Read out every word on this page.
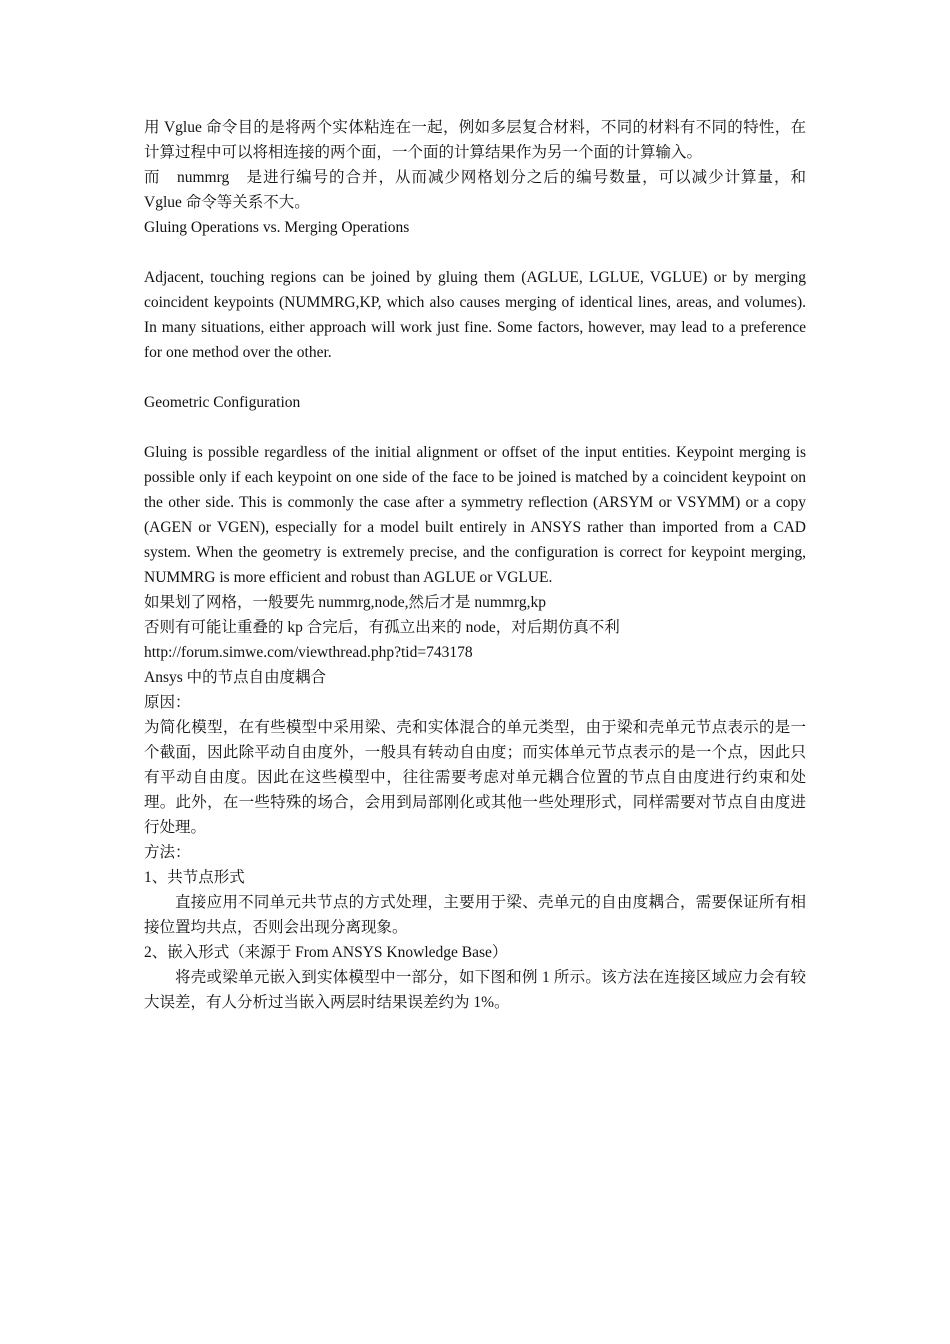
用 Vglue 命令目的是将两个实体粘连在一起，例如多层复合材料，不同的材料有不同的特性，在计算过程中可以将相连接的两个面，一个面的计算结果作为另一个面的计算输入。

而　nummrg　是进行编号的合并，从而减少网格划分之后的编号数量，可以减少计算量，和 Vglue 命令等关系不大。

Gluing Operations vs. Merging Operations

Adjacent, touching regions can be joined by gluing them (AGLUE, LGLUE, VGLUE) or by merging coincident keypoints (NUMMRG,KP, which also causes merging of identical lines, areas, and volumes). In many situations, either approach will work just fine. Some factors, however, may lead to a preference for one method over the other.

Geometric Configuration

Gluing is possible regardless of the initial alignment or offset of the input entities. Keypoint merging is possible only if each keypoint on one side of the face to be joined is matched by a coincident keypoint on the other side. This is commonly the case after a symmetry reflection (ARSYM or VSYMM) or a copy (AGEN or VGEN), especially for a model built entirely in ANSYS rather than imported from a CAD system. When the geometry is extremely precise, and the configuration is correct for keypoint merging, NUMMRG is more efficient and robust than AGLUE or VGLUE.

如果划了网格，一般要先 nummrg,node,然后才是 nummrg,kp

否则有可能让重叠的 kp 合完后，有孤立出来的 node，对后期仿真不利

http://forum.simwe.com/viewthread.php?tid=743178

Ansys 中的节点自由度耦合

原因：

为简化模型，在有些模型中采用梁、壳和实体混合的单元类型，由于梁和壳单元节点表示的是一个截面，因此除平动自由度外，一般具有转动自由度；而实体单元节点表示的是一个点，因此只有平动自由度。因此在这些模型中，往往需要考虑对单元耦合位置的节点自由度进行约束和处理。此外，在一些特殊的场合，会用到局部刚化或其他一些处理形式，同样需要对节点自由度进行处理。

方法：

1、共节点形式

直接应用不同单元共节点的方式处理，主要用于梁、壳单元的自由度耦合，需要保证所有相接位置均共点，否则会出现分离现象。

2、嵌入形式（来源于 From ANSYS Knowledge Base）

将壳或梁单元嵌入到实体模型中一部分，如下图和例 1 所示。该方法在连接区域应力会有较大误差，有人分析过当嵌入两层时结果误差约为 1%。
